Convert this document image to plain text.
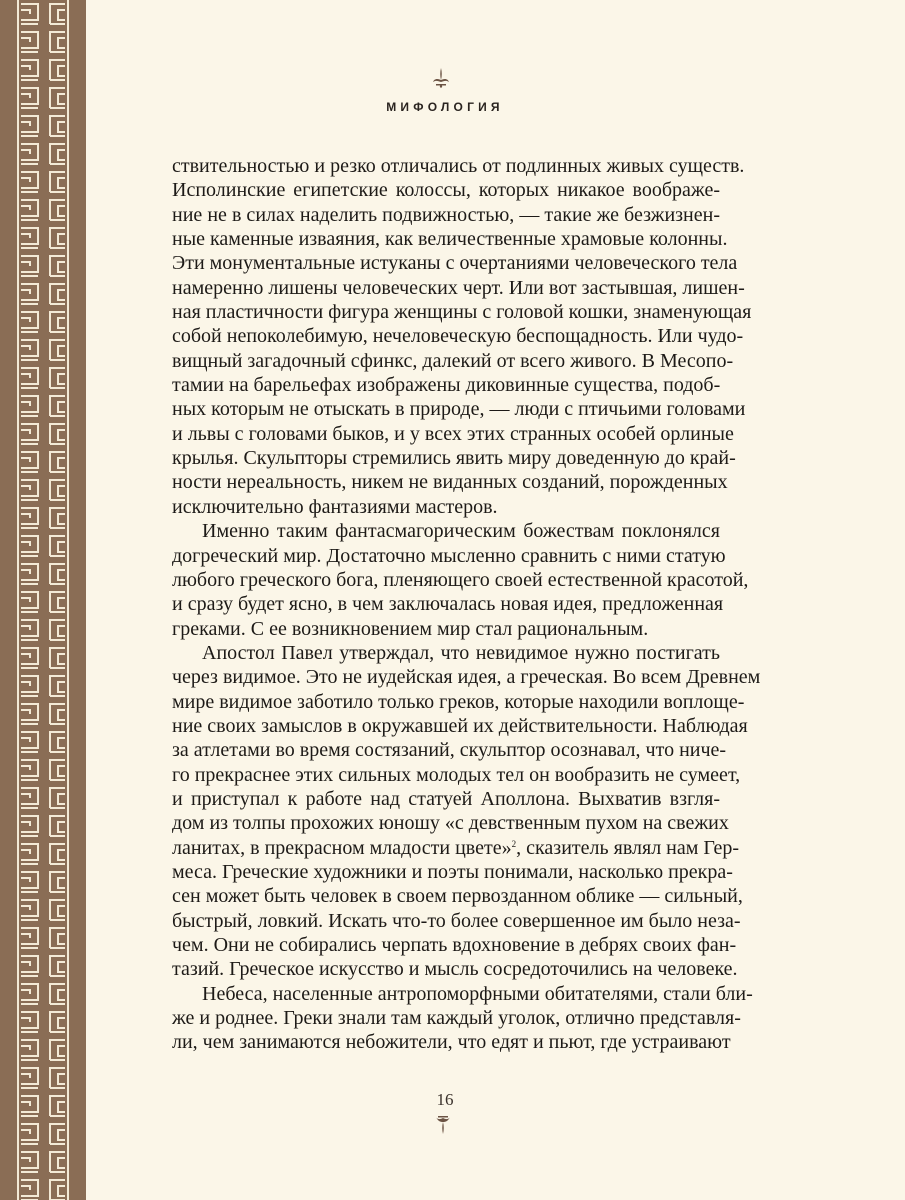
МИФОЛОГИЯ
ствительностью и резко отличались от подлинных живых существ.
Исполинские египетские колоссы, которых никакое воображе-
ние не в силах наделить подвижностью, — такие же безжизнен-
ные каменные изваяния, как величественные храмовые колонны.
Эти монументальные истуканы с очертаниями человеческого тела
намеренно лишены человеческих черт. Или вот застывшая, лишен-
ная пластичности фигура женщины с головой кошки, знаменующая
собой непоколебимую, нечеловеческую беспощадность. Или чудо-
вищный загадочный сфинкс, далекий от всего живого. В Месопо-
тамии на барельефах изображены диковинные существа, подоб-
ных которым не отыскать в природе, — люди с птичьими головами
и львы с головами быков, и у всех этих странных особей орлиные
крылья. Скульпторы стремились явить миру доведенную до край-
ности нереальность, никем не виданных созданий, порожденных
исключительно фантазиями мастеров.
Именно таким фантасмагорическим божествам поклонялся
догреческий мир. Достаточно мысленно сравнить с ними статую
любого греческого бога, пленяющего своей естественной красотой,
и сразу будет ясно, в чем заключалась новая идея, предложенная
греками. С ее возникновением мир стал рациональным.
Апостол Павел утверждал, что невидимое нужно постигать
через видимое. Это не иудейская идея, а греческая. Во всем Древнем
мире видимое заботило только греков, которые находили воплоще-
ние своих замыслов в окружавшей их действительности. Наблюдая
за атлетами во время состязаний, скульптор осознавал, что ниче-
го прекраснее этих сильных молодых тел он вообразить не сумеет,
и приступал к работе над статуей Аполлона. Выхватив взгля-
дом из толпы прохожих юношу «с девственным пухом на свежих
ланитах, в прекрасном младости цвете»$^2$, сказитель являл нам Гер-
меса. Греческие художники и поэты понимали, насколько прекра-
сен может быть человек в своем первозданном облике — сильный,
быстрый, ловкий. Искать что-то более совершенное им было неза-
чем. Они не собирались черпать вдохновение в дебрях своих фан-
тазий. Греческое искусство и мысль сосредоточились на человеке.
Небеса, населенные антропоморфными обитателями, стали бли-
же и роднее. Греки знали там каждый уголок, отлично представля-
ли, чем занимаются небожители, что едят и пьют, где устраивают
16
